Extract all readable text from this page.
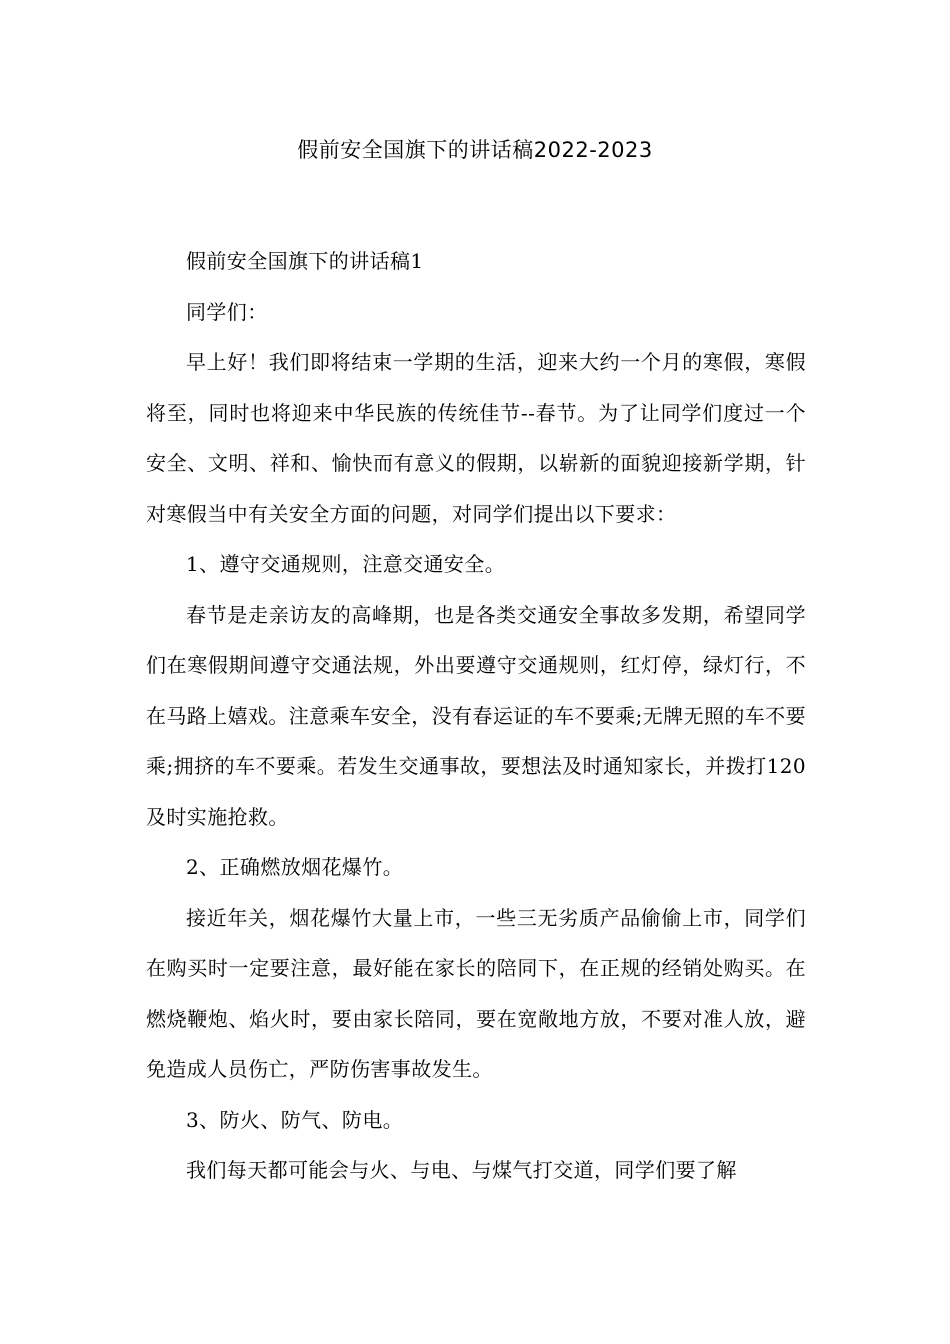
假前安全国旗下的讲话稿2022-2023

假前安全国旗下的讲话稿1

同学们：

早上好！我们即将结束一学期的生活，迎来大约一个月的寒假，寒假将至，同时也将迎来中华民族的传统佳节--春节。为了让同学们度过一个安全、文明、祥和、愉快而有意义的假期，以崭新的面貌迎接新学期，针对寒假当中有关安全方面的问题，对同学们提出以下要求：

1、遵守交通规则，注意交通安全。

春节是走亲访友的高峰期，也是各类交通安全事故多发期，希望同学们在寒假期间遵守交通法规，外出要遵守交通规则，红灯停，绿灯行，不在马路上嬉戏。注意乘车安全，没有春运证的车不要乘;无牌无照的车不要乘;拥挤的车不要乘。若发生交通事故，要想法及时通知家长，并拨打120及时实施抢救。

2、正确燃放烟花爆竹。

接近年关，烟花爆竹大量上市，一些三无劣质产品偷偷上市，同学们在购买时一定要注意，最好能在家长的陪同下，在正规的经销处购买。在燃烧鞭炮、焰火时，要由家长陪同，要在宽敞地方放，不要对准人放，避免造成人员伤亡，严防伤害事故发生。

3、防火、防气、防电。

我们每天都可能会与火、与电、与煤气打交道，同学们要了解
